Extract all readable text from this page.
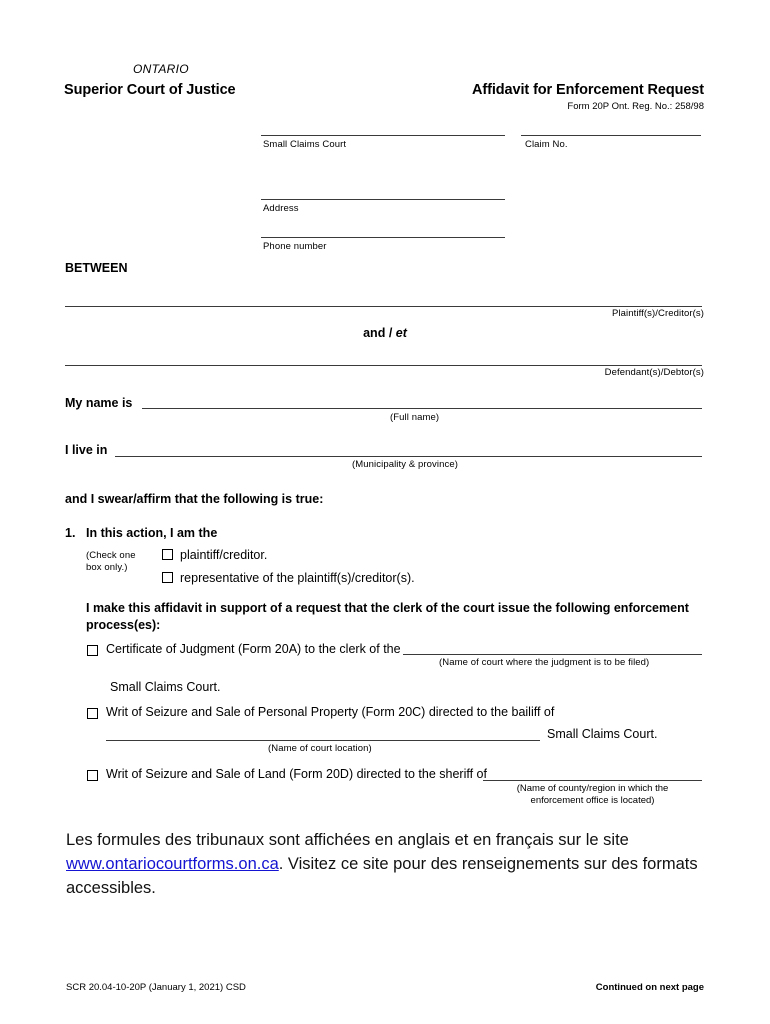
ONTARIO
Superior Court of Justice	Affidavit for Enforcement Request
Form 20P Ont. Reg. No.: 258/98
Small Claims Court	Claim No.
Address
Phone number
BETWEEN
Plaintiff(s)/Creditor(s)
and / et
Defendant(s)/Debtor(s)
My name is
(Full name)
I live in
(Municipality & province)
and I swear/affirm that the following is true:
1. In this action, I am the
(Check one
box only.)
plaintiff/creditor.
representative of the plaintiff(s)/creditor(s).
I make this affidavit in support of a request that the clerk of the court issue the following enforcement
process(es):
Certificate of Judgment (Form 20A) to the clerk of the
(Name of court where the judgment is to be filed)
Small Claims Court.
Writ of Seizure and Sale of Personal Property (Form 20C) directed to the bailiff of
(Name of court location)
Small Claims Court.
Writ of Seizure and Sale of Land (Form 20D) directed to the sheriff of
(Name of county/region in which the
enforcement office is located)
Les formules des tribunaux sont affichées en anglais et en français sur le site www.ontariocourtforms.on.ca. Visitez ce site pour des renseignements sur des formats accessibles.
SCR 20.04-10-20P (January 1, 2021) CSD	Continued on next page
